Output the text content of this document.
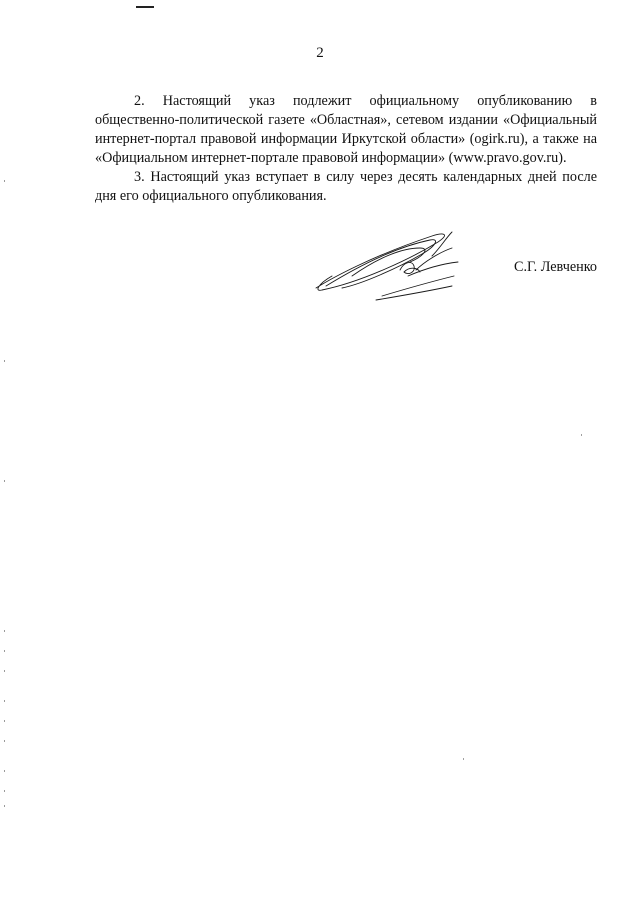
2

2. Настоящий указ подлежит официальному опубликованию в общественно-политической газете «Областная», сетевом издании «Официальный интернет-портал правовой информации Иркутской области» (ogirk.ru), а также на «Официальном интернет-портале правовой информации» (www.pravo.gov.ru).

3. Настоящий указ вступает в силу через десять календарных дней после дня его официального опубликования.

С.Г. Левченко
